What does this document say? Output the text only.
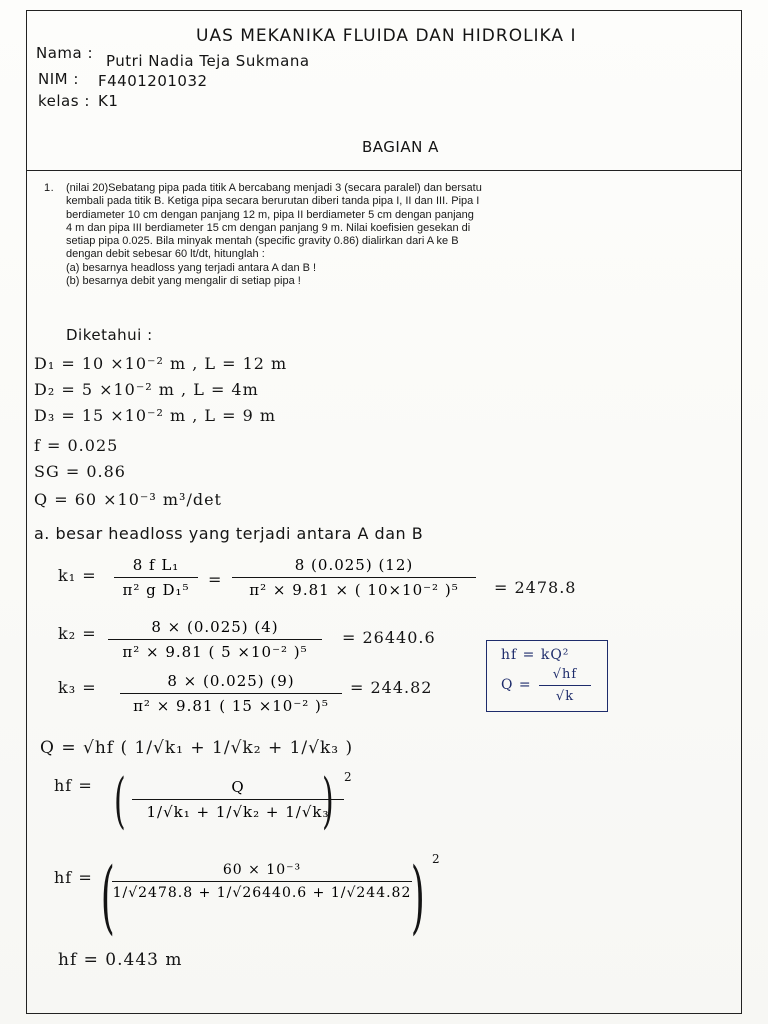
UAS MEKANIKA FLUIDA DAN HIDROLIKA I
Nama : Putri Nadia Teja Sukmana
NIM : F4401201032
kelas : K1
BAGIAN A
1. (nilai 20)Sebatang pipa pada titik A bercabang menjadi 3 (secara paralel) dan bersatu

kembali pada titik B. Ketiga pipa secara berurutan diberi tanda pipa I, II dan III. Pipa I

berdiameter 10 cm dengan panjang 12 m, pipa II berdiameter 5 cm dengan panjang

4 m dan pipa III berdiameter 15 cm dengan panjang 9 m. Nilai koefisien gesekan di

setiap pipa 0.025. Bila minyak mentah (specific gravity 0.86) dialirkan dari A ke B

dengan debit sebesar 60 lt/dt, hitunglah :

(a) besarnya headloss yang terjadi antara A dan B !

(b) besarnya debit yang mengalir di setiap pipa !

Diketahui :
D₁ = 10 ×10⁻² m , L = 12 m
D₂ = 5 ×10⁻² m , L = 4m
D₃ = 15 ×10⁻² m , L = 9 m
f = 0.025
SG = 0.86
Q = 60 ×10⁻³ m³/det
a. besar headloss yang terjadi antara A dan B
k₁ =
8 f L₁
π² g D₁⁵
=
8 (0.025) (12)
π² × 9.81 × ( 10×10⁻² )⁵	= 2478.8
k₂ =	8 × (0.025) (4)
π² × 9.81 ( 5 ×10⁻² )⁵
= 26440.6
k₃ =	8 × (0.025) (9)
π² × 9.81 ( 15 ×10⁻² )⁵
= 244.82
hf = kQ²
Q =
√hf
√k
Q = √hf ( 1/√k₁ + 1/√k₂ + 1/√k₃ )
hf = (	Q
1/√k₁ + 1/√k₂ + 1/√k₃
) 2
hf = (	60 × 10⁻³
1/√2478.8 + 1/√26440.6 + 1/√244.82 ) 2
hf = 0.443 m
